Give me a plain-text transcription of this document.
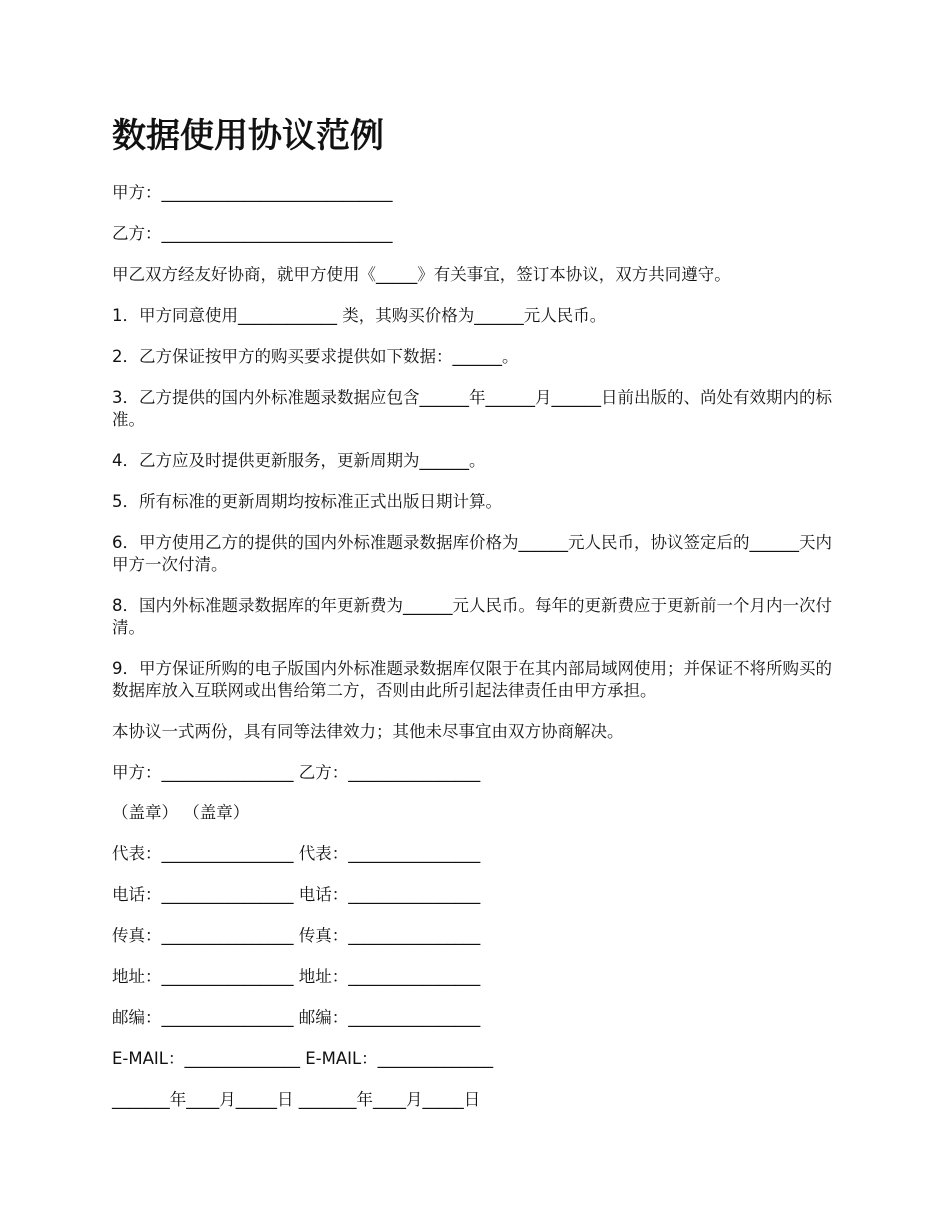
数据使用协议范例
甲方：____________________________
乙方：____________________________
甲乙双方经友好协商，就甲方使用《_____》有关事宜，签订本协议，双方共同遵守。
1．甲方同意使用____________ 类，其购买价格为______元人民币。
2．乙方保证按甲方的购买要求提供如下数据：______。
3．乙方提供的国内外标准题录数据应包含______年______月______日前出版的、尚处有效期内的标准。
4．乙方应及时提供更新服务，更新周期为______。
5．所有标准的更新周期均按标准正式出版日期计算。
6．甲方使用乙方的提供的国内外标准题录数据库价格为______元人民币，协议签定后的______天内甲方一次付清。
8．国内外标准题录数据库的年更新费为______元人民币。每年的更新费应于更新前一个月内一次付清。
9．甲方保证所购的电子版国内外标准题录数据库仅限于在其内部局域网使用；并保证不将所购买的数据库放入互联网或出售给第二方，否则由此所引起法律责任由甲方承担。
本协议一式两份，具有同等法律效力；其他未尽事宜由双方协商解决。
甲方：________________ 乙方：________________
（盖章） （盖章）
代表：________________ 代表：________________
电话：________________ 电话：________________
传真：________________ 传真：________________
地址：________________ 地址：________________
邮编：________________ 邮编：________________
E-MAIL：______________ E-MAIL：______________
_______年____月_____日 _______年____月_____日
